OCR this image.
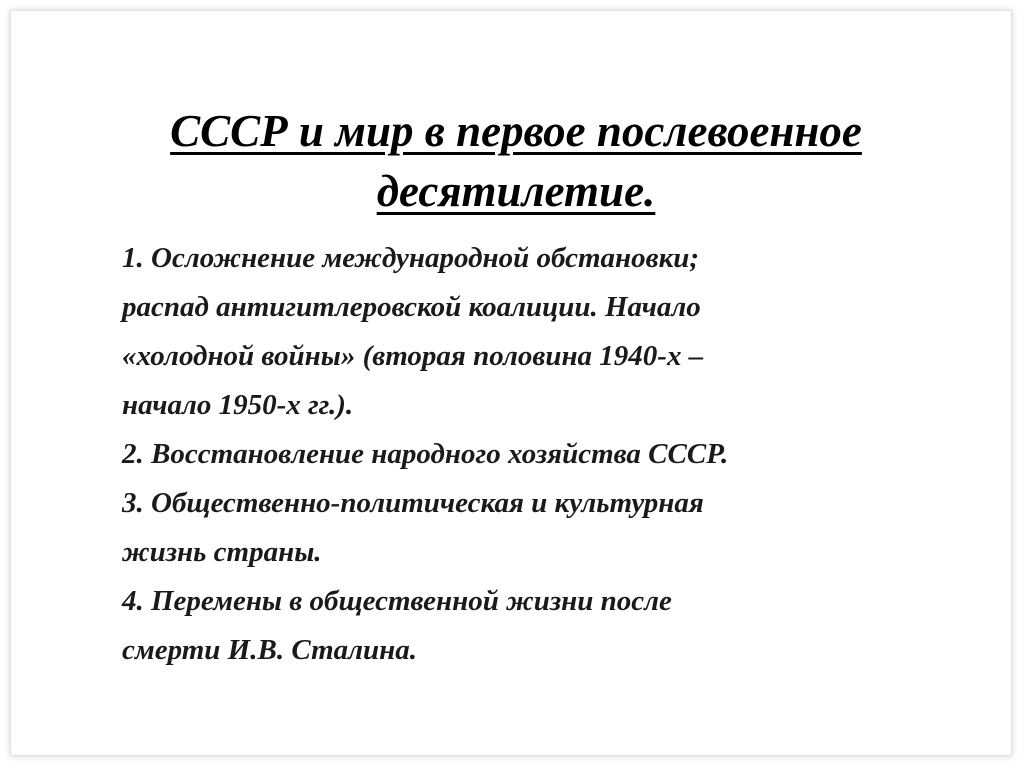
СССР и мир в первое послевоенное
десятилетие.
1. Осложнение международной обстановки;
распад антигитлеровской коалиции. Начало
«холодной войны» (вторая половина 1940-х –
начало 1950-х гг.).
2. Восстановление народного хозяйства СССР.
3. Общественно-политическая и культурная
жизнь страны.
4. Перемены в общественной жизни после
смерти И.В. Сталина.
